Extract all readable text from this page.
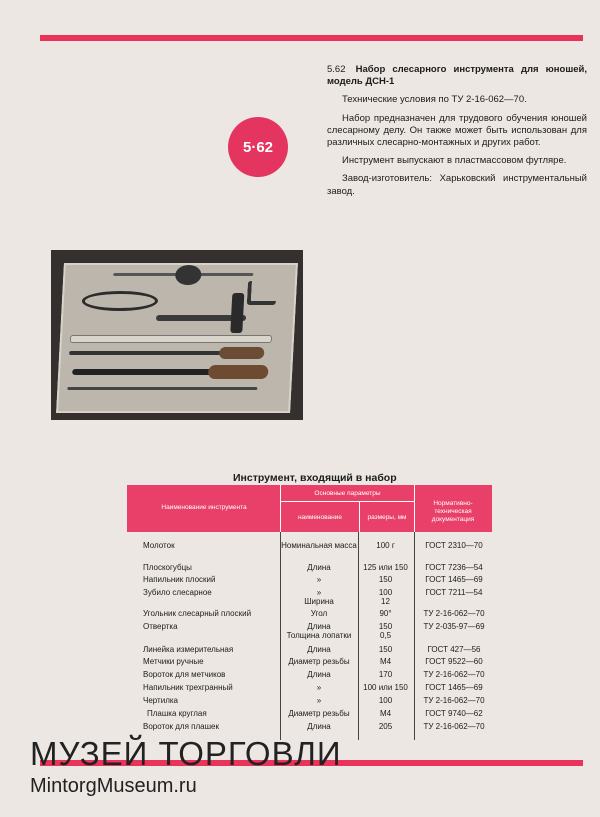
5·62

5.62 Набор слесарного инструмента для юношей, модель ДСН-1

Технические условия по ТУ 2-16-062—70.

Набор предназначен для трудового обучения юношей слесарному делу. Он также может быть использован для различных слесарно-монтажных и других работ.

Инструмент выпускают в пластмассовом футляре.

Завод-изготовитель: Харьковский инструментальный завод.

Инструмент, входящий в набор
Наименование инструмента
Основные параметры
наименование	размеры, мм
Нормативно-техническая документация
Молоток	Номинальная масса	100 г	ГОСТ 2310—70
Плоскогубцы	Длина	125 или 150	ГОСТ 7236—54
Напильник плоский	»	150	ГОСТ 1465—69
Зубило слесарное	»	100	ГОСТ 7211—54
Ширина	12
Угольник слесарный плоский	Угол	90°	ТУ 2-16-062—70
Отвертка	Длина	150	ТУ 2-035-97—69
Толщина лопатки	0,5
Линейка измерительная	Длина	150	ГОСТ 427—56
Метчики ручные	Диаметр резьбы	М4	ГОСТ 9522—60
Вороток для метчиков	Длина	170	ТУ 2-16-062—70
Напильник трехгранный	»	100 или 150	ГОСТ 1465—69
Чертилка	»	100	ТУ 2-16-062—70
Плашка круглая	Диаметр резьбы	М4	ГОСТ 9740—62
Вороток для плашек	Длина	205	ТУ 2-16-062—70
МУЗЕЙ ТОРГОВЛИ
MintorgMuseum.ru
